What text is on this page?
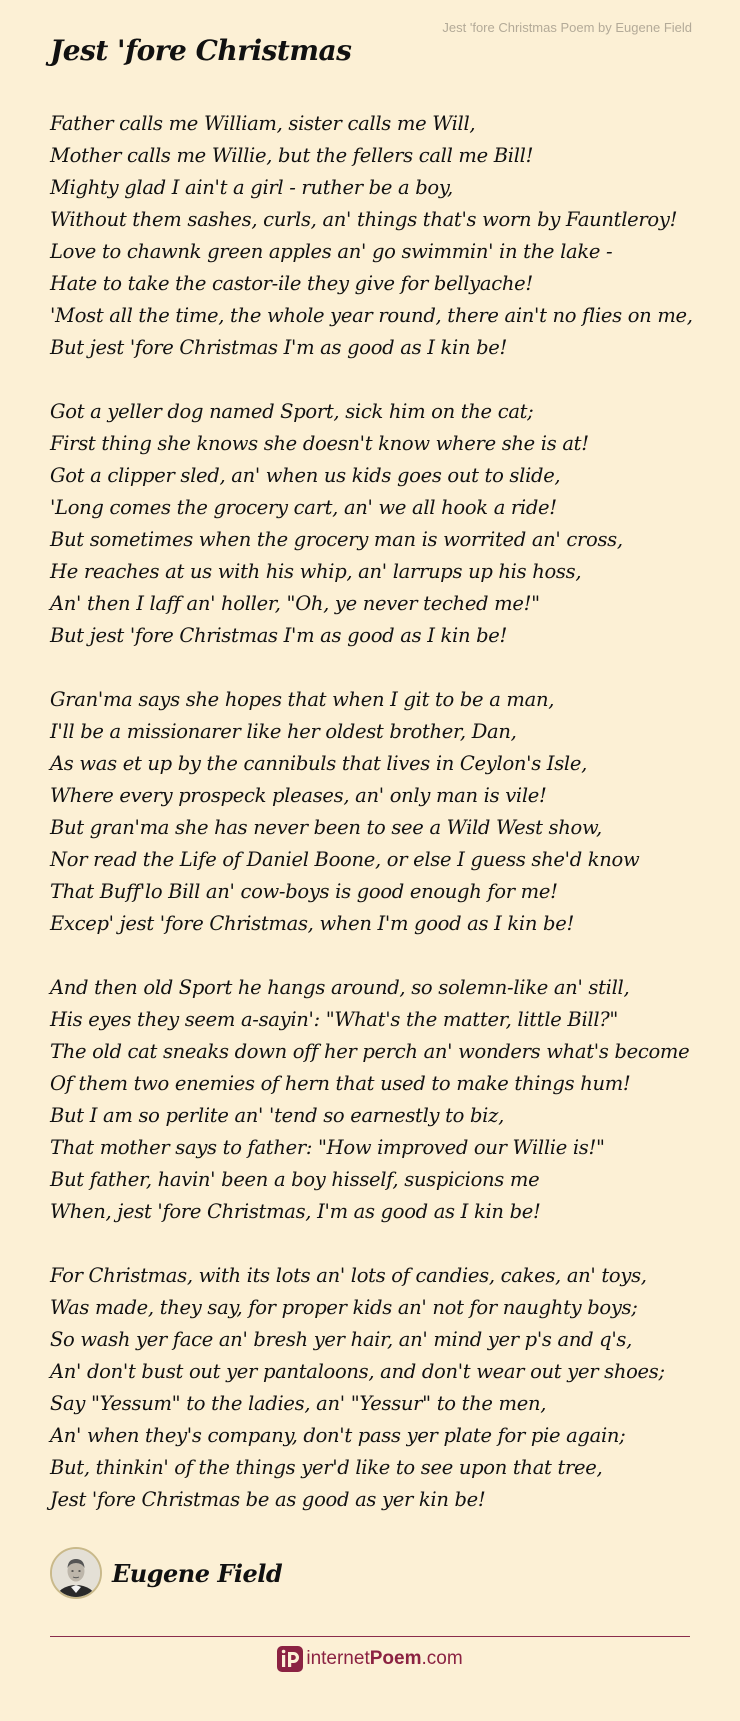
Jest 'fore Christmas Poem by Eugene Field
Jest 'fore Christmas
Father calls me William, sister calls me Will,
Mother calls me Willie, but the fellers call me Bill!
Mighty glad I ain't a girl - ruther be a boy,
Without them sashes, curls, an' things that's worn by Fauntleroy!
Love to chawnk green apples an' go swimmin' in the lake -
Hate to take the castor-ile they give for bellyache!
'Most all the time, the whole year round, there ain't no flies on me,
But jest 'fore Christmas I'm as good as I kin be!
Got a yeller dog named Sport, sick him on the cat;
First thing she knows she doesn't know where she is at!
Got a clipper sled, an' when us kids goes out to slide,
'Long comes the grocery cart, an' we all hook a ride!
But sometimes when the grocery man is worrited an' cross,
He reaches at us with his whip, an' larrups up his hoss,
An' then I laff an' holler, "Oh, ye never teched me!"
But jest 'fore Christmas I'm as good as I kin be!
Gran'ma says she hopes that when I git to be a man,
I'll be a missionarer like her oldest brother, Dan,
As was et up by the cannibuls that lives in Ceylon's Isle,
Where every prospeck pleases, an' only man is vile!
But gran'ma she has never been to see a Wild West show,
Nor read the Life of Daniel Boone, or else I guess she'd know
That Buff'lo Bill an' cow-boys is good enough for me!
Excep' jest 'fore Christmas, when I'm good as I kin be!
And then old Sport he hangs around, so solemn-like an' still,
His eyes they seem a-sayin': "What's the matter, little Bill?"
The old cat sneaks down off her perch an' wonders what's become
Of them two enemies of hern that used to make things hum!
But I am so perlite an' 'tend so earnestly to biz,
That mother says to father: "How improved our Willie is!"
But father, havin' been a boy hisself, suspicions me
When, jest 'fore Christmas, I'm as good as I kin be!
For Christmas, with its lots an' lots of candies, cakes, an' toys,
Was made, they say, for proper kids an' not for naughty boys;
So wash yer face an' bresh yer hair, an' mind yer p's and q's,
An' don't bust out yer pantaloons, and don't wear out yer shoes;
Say "Yessum" to the ladies, an' "Yessur" to the men,
An' when they's company, don't pass yer plate for pie again;
But, thinkin' of the things yer'd like to see upon that tree,
Jest 'fore Christmas be as good as yer kin be!
Eugene Field
internetPoem.com
